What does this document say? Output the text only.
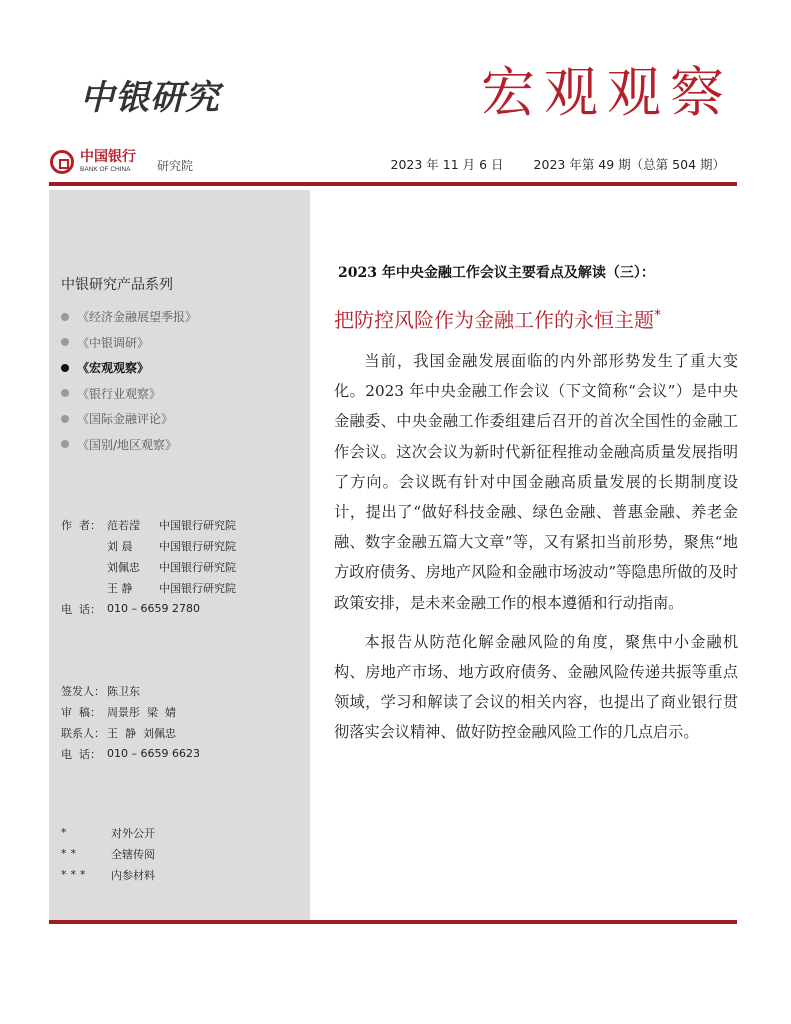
中银研究	宏观观察
中国银行
BANK OF CHINA	研究院	2023 年 11 月 6 日 2023 年第 49 期（总第 504 期）
中银研究产品系列
《经济金融展望季报》
《中银调研》
《宏观观察》
《银行业观察》
《国际金融评论》
《国别/地区观察》
作  者： 范若滢	中国银行研究院
刘 晨	中国银行研究院
刘佩忠	中国银行研究院
王 静	中国银行研究院
电  话： 010 – 6659 2780
签发人： 陈卫东
审  稿： 周景彤  梁  婧
联系人： 王  静  刘佩忠
电  话： 010 – 6659 6623
*	对外公开
**	全辖传阅
***	内参材料
2023 年中央金融工作会议主要看点及解读（三）：
把防控风险作为金融工作的永恒主题*

当前，我国金融发展面临的内外部形势发生了重大变化。2023 年中央金融工作会议（下文简称“会议”）是中央金融委、中央金融工作委组建后召开的首次全国性的金融工作会议。这次会议为新时代新征程推动金融高质量发展指明了方向。会议既有针对中国金融高质量发展的长期制度设计，提出了“做好科技金融、绿色金融、普惠金融、养老金融、数字金融五篇大文章”等，又有紧扣当前形势，聚焦“地方政府债务、房地产风险和金融市场波动”等隐患所做的及时政策安排，是未来金融工作的根本遵循和行动指南。

本报告从防范化解金融风险的角度，聚焦中小金融机构、房地产市场、地方政府债务、金融风险传递共振等重点领域，学习和解读了会议的相关内容，也提出了商业银行贯彻落实会议精神、做好防控金融风险工作的几点启示。
